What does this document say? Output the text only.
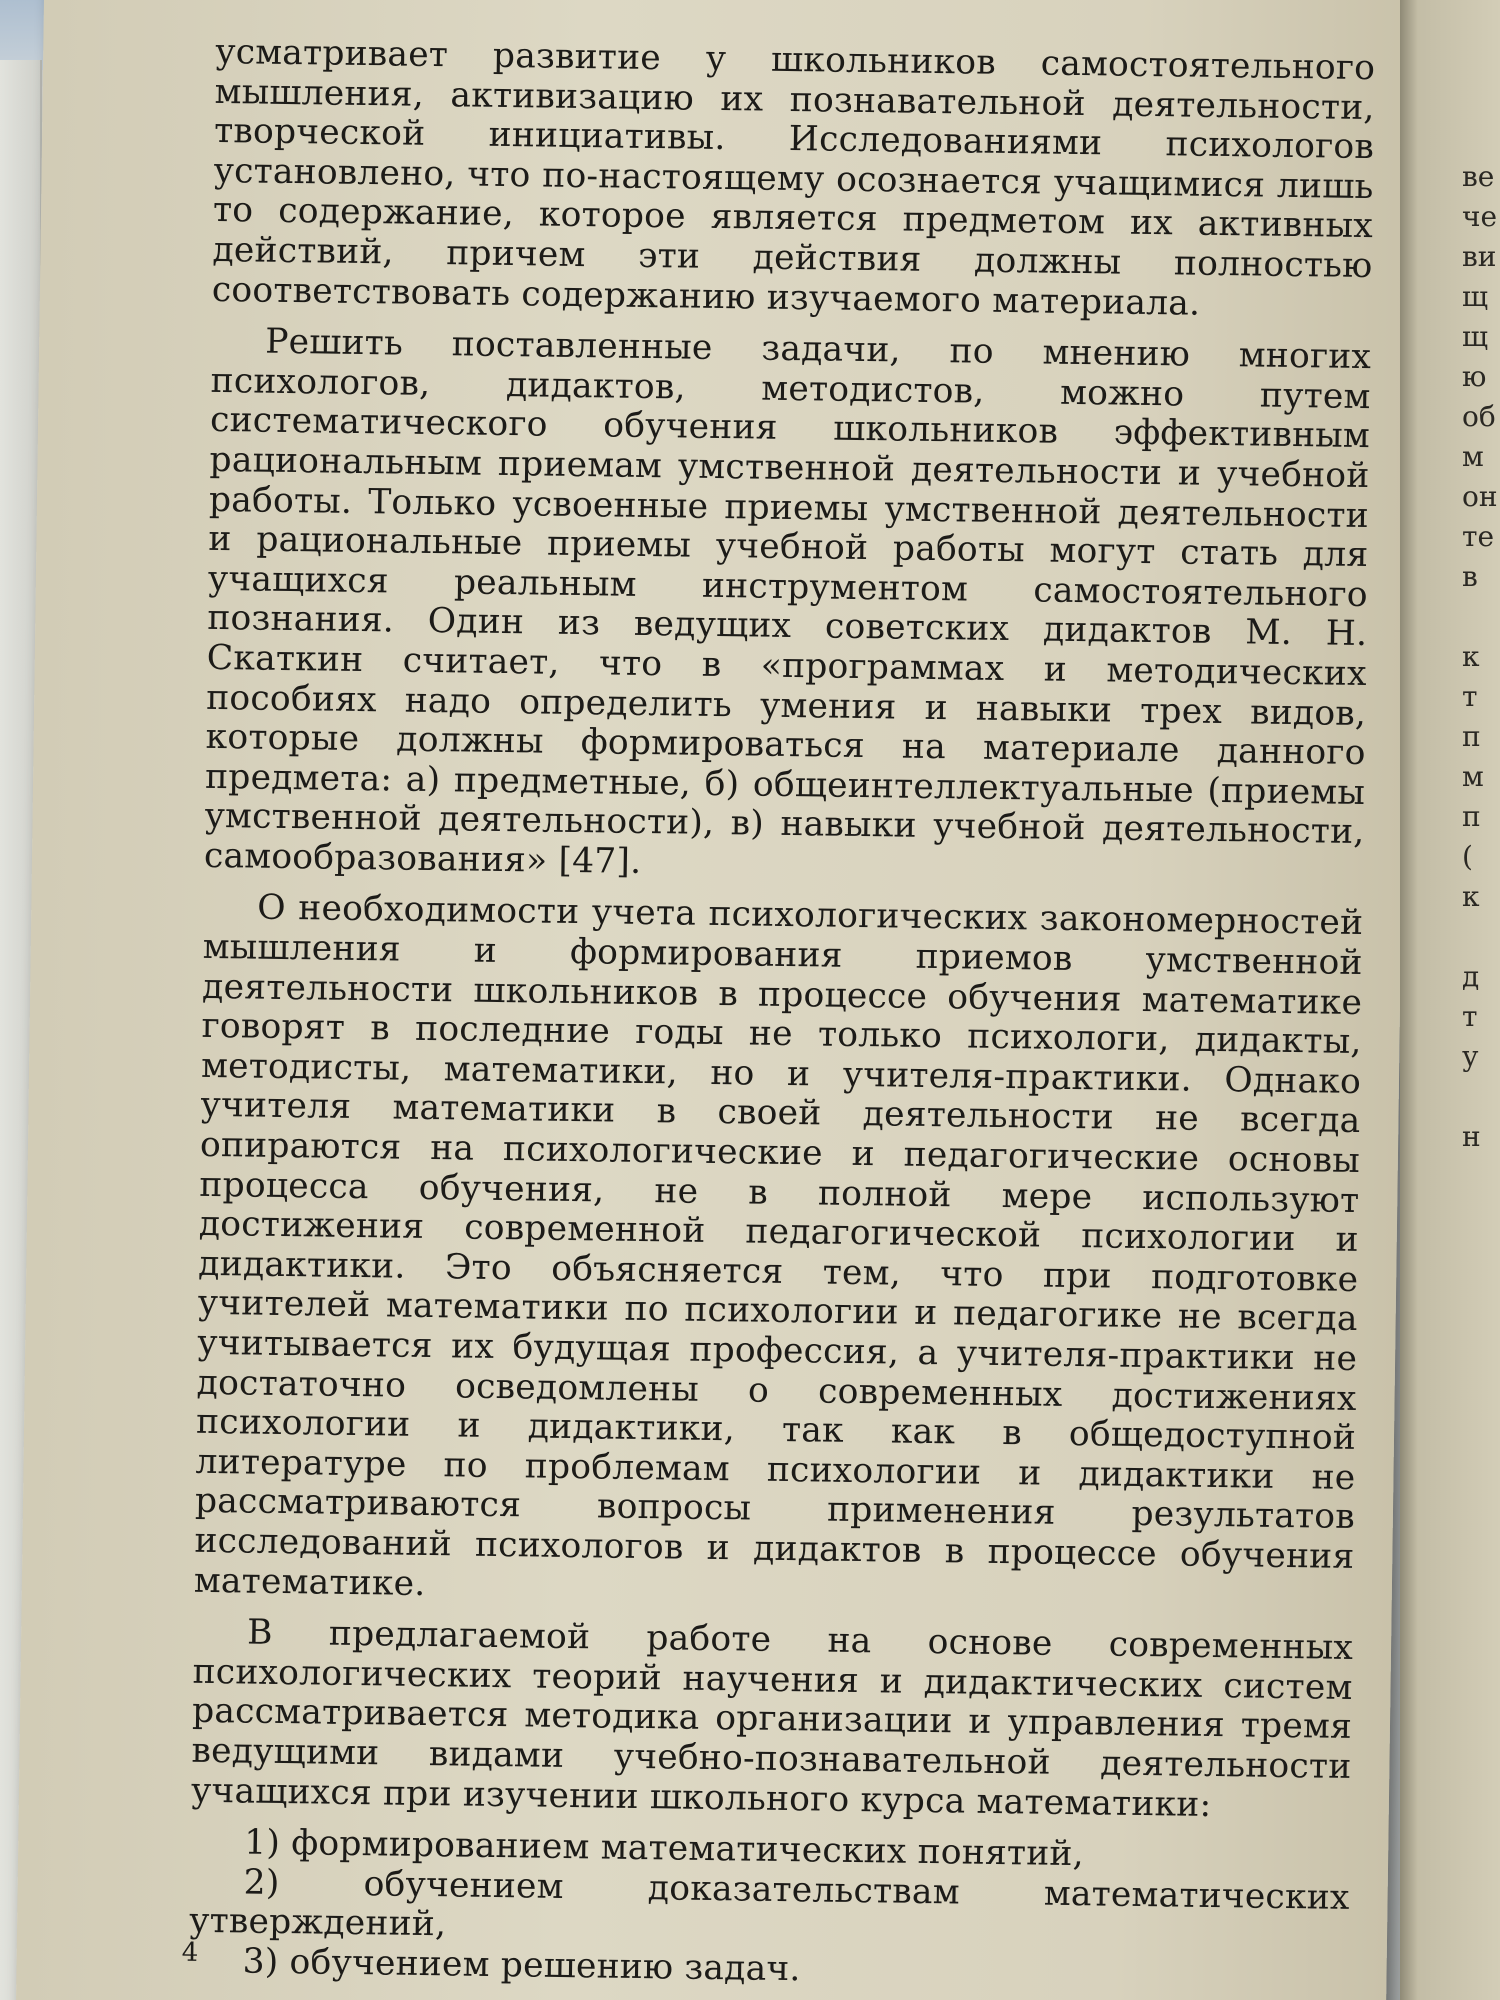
усматривает развитие у школьников самостоятельного мышления, активизацию их познавательной деятельности, творческой инициативы. Исследованиями психологов установлено, что по-настоящему осознается учащимися лишь то содержание, которое является предметом их активных действий, причем эти действия должны полностью соответствовать содержанию изучаемого материала.

Решить поставленные задачи, по мнению многих психологов, дидактов, методистов, можно путем систематического обучения школьников эффективным рациональным приемам умственной деятельности и учебной работы. Только усвоенные приемы умственной деятельности и рациональные приемы учебной работы могут стать для учащихся реальным инструментом самостоятельного познания. Один из ведущих советских дидактов М. Н. Скаткин считает, что в «программах и методических пособиях надо определить умения и навыки трех видов, которые должны формироваться на материале данного предмета: а) предметные, б) общеинтеллектуальные (приемы умственной деятельности), в) навыки учебной деятельности, самообразования» [47].

О необходимости учета психологических закономерностей мышления и формирования приемов умственной деятельности школьников в процессе обучения математике говорят в последние годы не только психологи, дидакты, методисты, математики, но и учителя-практики. Однако учителя математики в своей деятельности не всегда опираются на психологические и педагогические основы процесса обучения, не в полной мере используют достижения современной педагогической психологии и дидактики. Это объясняется тем, что при подготовке учителей математики по психологии и педагогике не всегда учитывается их будущая профессия, а учителя-практики не достаточно осведомлены о современных достижениях психологии и дидактики, так как в общедоступной литературе по проблемам психологии и дидактики не рассматриваются вопросы применения результатов исследований психологов и дидактов в процессе обучения математике.

В предлагаемой работе на основе современных психологических теорий научения и дидактических систем рассматривается методика организации и управления тремя ведущими видами учебно-познавательной деятельности учащихся при изучении школьного курса математики:

1) формированием математических понятий,

2) обучением доказательствам математических утверждений,

3) обучением решению задач.

4
ве
че
ви
щ
щ
ю
об
м
он
те
в
к
т
п
м
п
(
к
д
т
у
н
